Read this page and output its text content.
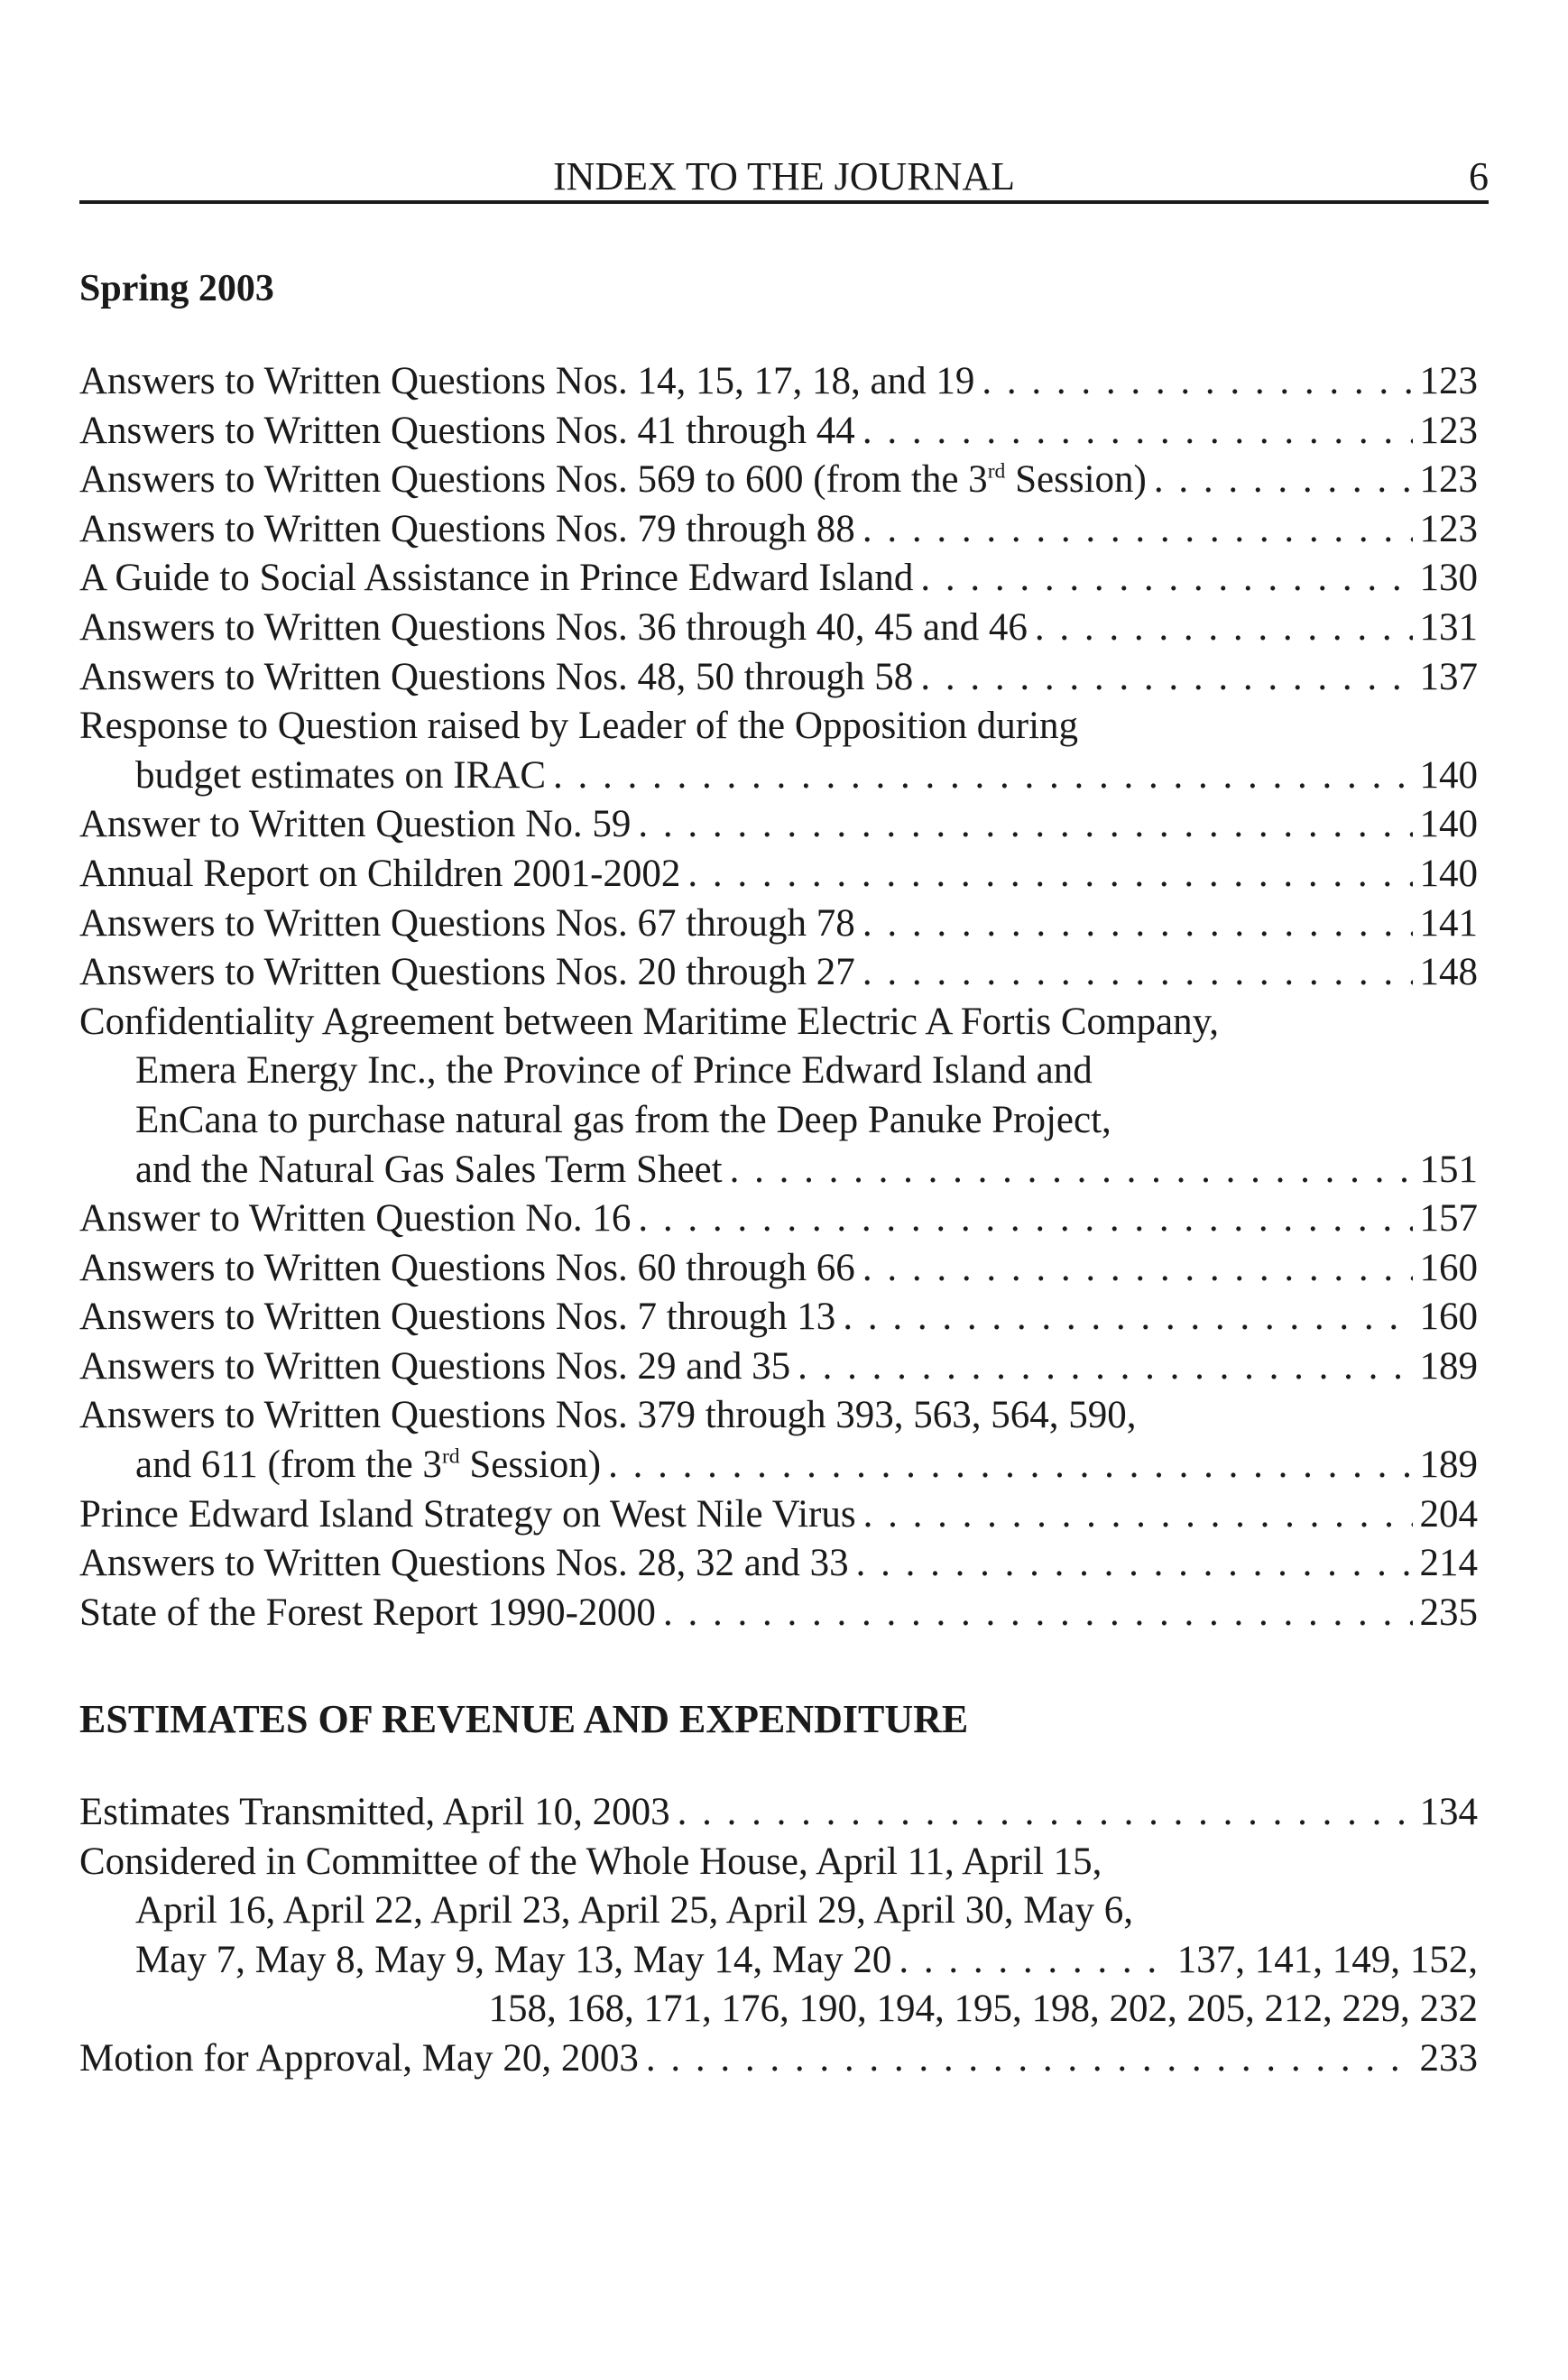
INDEX TO THE JOURNAL	6
Spring 2003
Answers to Written Questions Nos. 14, 15, 17, 18, and 19 . . .	123
Answers to Written Questions Nos. 41 through 44 . . .	123
Answers to Written Questions Nos. 569 to 600 (from the 3rd Session) . . .	123
Answers to Written Questions Nos. 79 through 88 . . .	123
A Guide to Social Assistance in Prince Edward Island . . .	130
Answers to Written Questions Nos. 36 through 40, 45 and 46 . . .	131
Answers to Written Questions Nos. 48, 50 through 58 . . .	137
Response to Question raised by Leader of the Opposition during
budget estimates on IRAC . . .	140
Answer to Written Question No. 59 . . .	140
Annual Report on Children 2001-2002 . . .	140
Answers to Written Questions Nos. 67 through 78 . . .	141
Answers to Written Questions Nos. 20 through 27 . . .	148
Confidentiality Agreement between Maritime Electric A Fortis Company,
Emera Energy Inc., the Province of Prince Edward Island and
EnCana to purchase natural gas from the Deep Panuke Project,
and the Natural Gas Sales Term Sheet . . .	151
Answer to Written Question No. 16 . . .	157
Answers to Written Questions Nos. 60 through 66 . . .	160
Answers to Written Questions Nos. 7 through 13 . . .	160
Answers to Written Questions Nos. 29 and 35 . . .	189
Answers to Written Questions Nos. 379 through 393, 563, 564, 590,
and 611 (from the 3rd Session) . . .	189
Prince Edward Island Strategy on West Nile Virus . . .	204
Answers to Written Questions Nos. 28, 32 and 33 . . .	214
State of the Forest Report 1990-2000 . . .	235
ESTIMATES OF REVENUE AND EXPENDITURE
Estimates Transmitted, April 10, 2003 . . .	134
Considered in Committee of the Whole House, April 11, April 15,
April 16, April 22, April 23, April 25, April 29, April 30, May 6,
May 7, May 8, May 9, May 13, May 14, May 20 . . .	137, 141, 149, 152,
158, 168, 171, 176, 190, 194, 195, 198, 202, 205, 212, 229, 232
Motion for Approval, May 20, 2003 . . .	233
